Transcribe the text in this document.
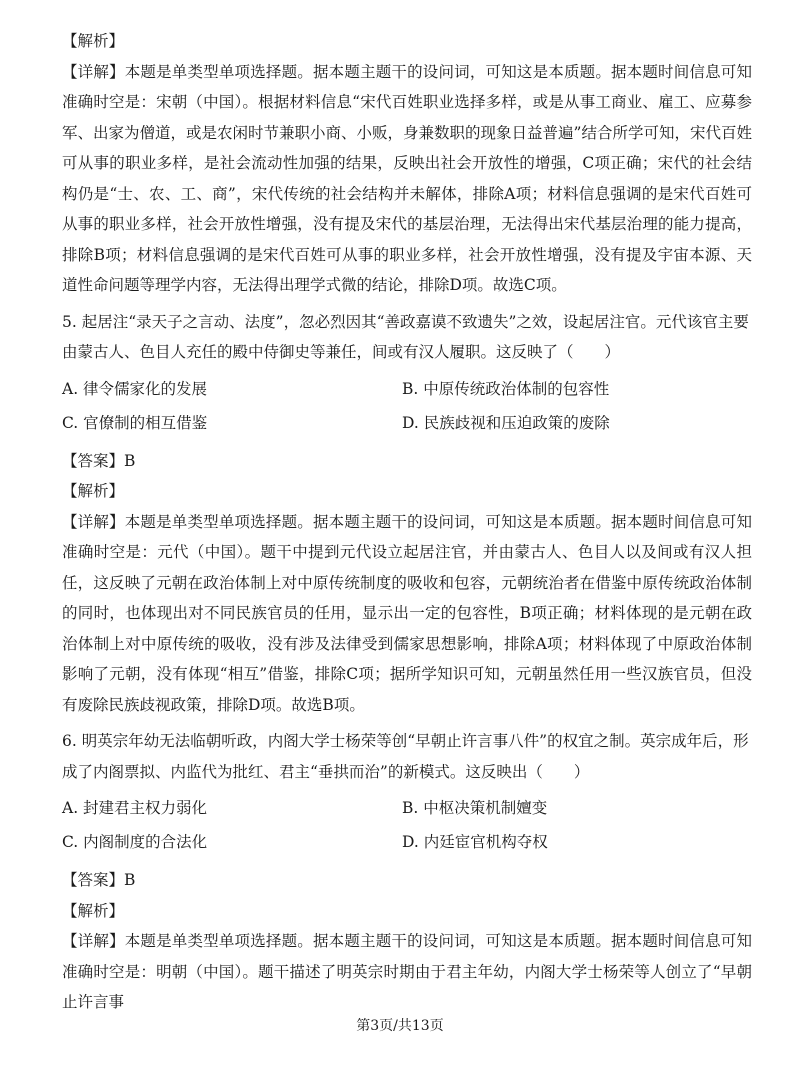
【解析】

【详解】本题是单类型单项选择题。据本题主题干的设问词，可知这是本质题。据本题时间信息可知准确时空是：宋朝（中国）。根据材料信息“宋代百姓职业选择多样，或是从事工商业、雇工、应募参军、出家为僧道，或是农闲时节兼职小商、小贩，身兼数职的现象日益普遍”结合所学可知，宋代百姓可从事的职业多样，是社会流动性加强的结果，反映出社会开放性的增强，C项正确；宋代的社会结构仍是“士、农、工、商”，宋代传统的社会结构并未解体，排除A项；材料信息强调的是宋代百姓可从事的职业多样，社会开放性增强，没有提及宋代的基层治理，无法得出宋代基层治理的能力提高，排除B项；材料信息强调的是宋代百姓可从事的职业多样，社会开放性增强，没有提及宇宙本源、天道性命问题等理学内容，无法得出理学式微的结论，排除D项。故选C项。

5. 起居注“录天子之言动、法度”，忽必烈因其“善政嘉谟不致遗失”之效，设起居注官。元代该官主要由蒙古人、色目人充任的殿中侍御史等兼任，间或有汉人履职。这反映了（　　）

A. 律令儒家化的发展	B. 中原传统政治体制的包容性
C. 官僚制的相互借鉴	D. 民族歧视和压迫政策的废除

【答案】B

【解析】

【详解】本题是单类型单项选择题。据本题主题干的设问词，可知这是本质题。据本题时间信息可知准确时空是：元代（中国）。题干中提到元代设立起居注官，并由蒙古人、色目人以及间或有汉人担任，这反映了元朝在政治体制上对中原传统制度的吸收和包容，元朝统治者在借鉴中原传统政治体制的同时，也体现出对不同民族官员的任用，显示出一定的包容性，B项正确；材料体现的是元朝在政治体制上对中原传统的吸收，没有涉及法律受到儒家思想影响，排除A项；材料体现了中原政治体制影响了元朝，没有体现“相互”借鉴，排除C项；据所学知识可知，元朝虽然任用一些汉族官员，但没有废除民族歧视政策，排除D项。故选B项。

6. 明英宗年幼无法临朝听政，内阁大学士杨荣等创“早朝止许言事八件”的权宜之制。英宗成年后，形成了内阁票拟、内监代为批红、君主“垂拱而治”的新模式。这反映出（　　）

A. 封建君主权力弱化	B. 中枢决策机制嬗变
C. 内阁制度的合法化	D. 内廷宦官机构夺权

【答案】B

【解析】

【详解】本题是单类型单项选择题。据本题主题干的设问词，可知这是本质题。据本题时间信息可知准确时空是：明朝（中国）。题干描述了明英宗时期由于君主年幼，内阁大学士杨荣等人创立了“早朝止许言事

第3页/共13页
